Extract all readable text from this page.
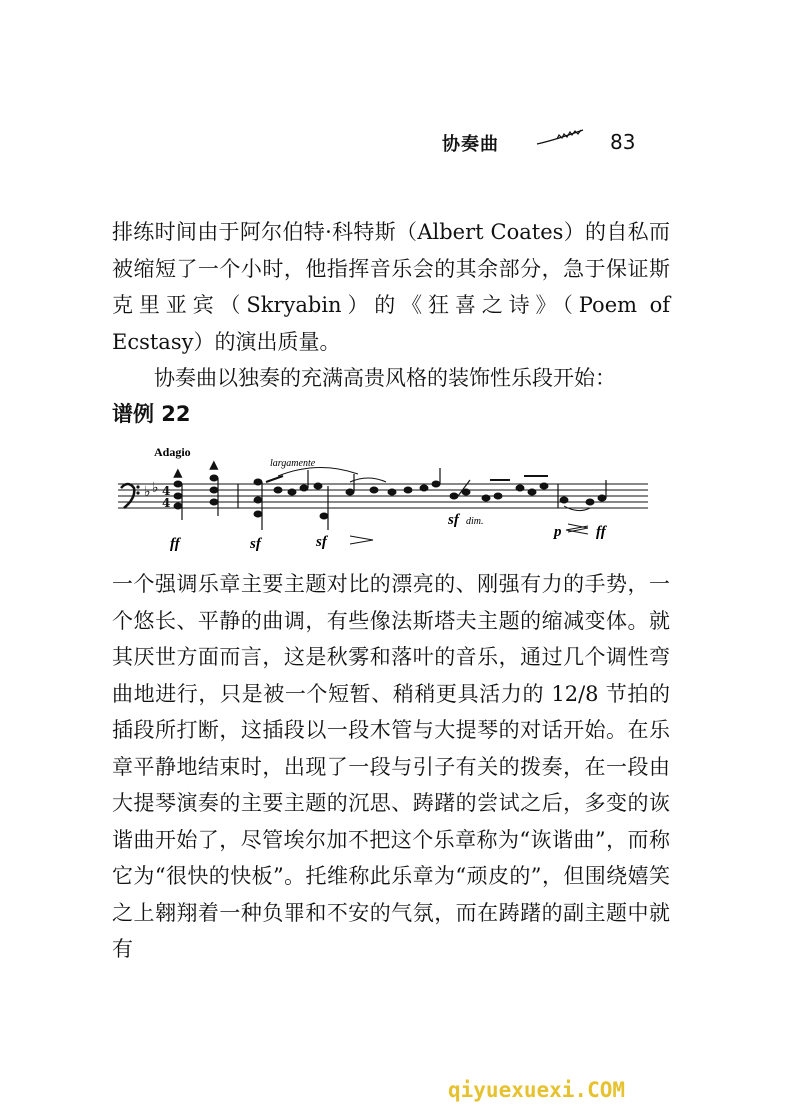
协奏曲	83

排练时间由于阿尔伯特·科特斯（Albert Coates）的自私而被缩短了一个小时，他指挥音乐会的其余部分，急于保证斯克里亚宾（Skryabin）的《狂喜之诗》（Poem of Ecstasy）的演出质量。

协奏曲以独奏的充满高贵风格的装饰性乐段开始：

谱例 22
♭ ♭ 4
4
Adagio
largamente
▲
▲
ff	sf	sf
sf dim.
p ff

一个强调乐章主要主题对比的漂亮的、刚强有力的手势，一个悠长、平静的曲调，有些像法斯塔夫主题的缩减变体。就其厌世方面而言，这是秋雾和落叶的音乐，通过几个调性弯曲地进行，只是被一个短暂、稍稍更具活力的 12/8 节拍的插段所打断，这插段以一段木管与大提琴的对话开始。在乐章平静地结束时，出现了一段与引子有关的拨奏，在一段由大提琴演奏的主要主题的沉思、踌躇的尝试之后，多变的诙谐曲开始了，尽管埃尔加不把这个乐章称为“诙谐曲”，而称它为“很快的快板”。托维称此乐章为“顽皮的”，但围绕嬉笑之上翱翔着一种负罪和不安的气氛，而在踌躇的副主题中就有

qiyuexuexi.COM
